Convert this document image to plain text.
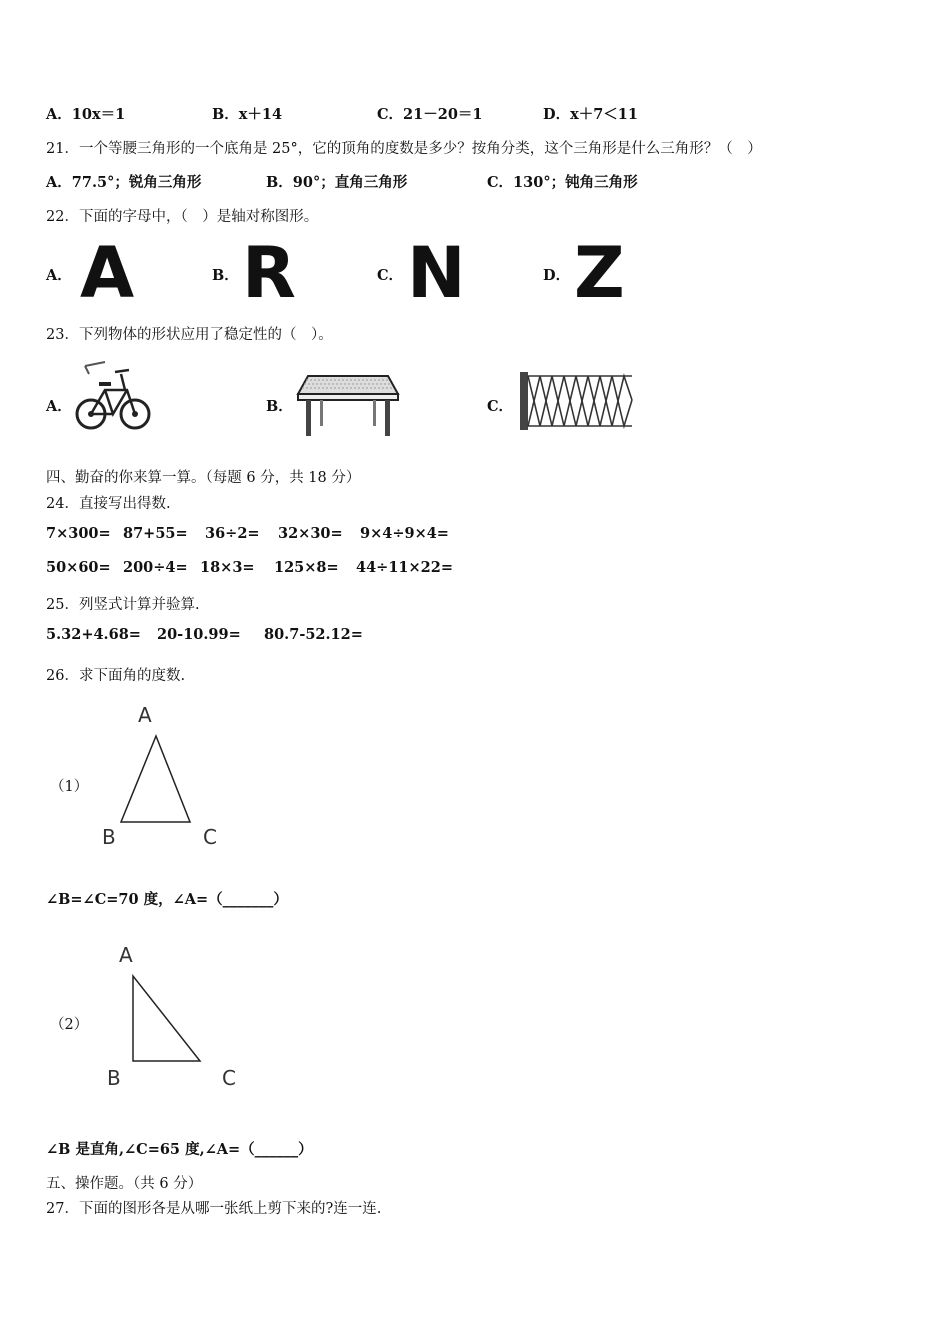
A．10x＝1	B．x＋14	C．21－20＝1	D．x＋7＜11
21．一个等腰三角形的一个底角是 25°，它的顶角的度数是多少？按角分类，这个三角形是什么三角形？（　）
A．77.5°；锐角三角形	B．90°；直角三角形	C．130°；钝角三角形
22．下面的字母中，（　）是轴对称图形。
A． A	B． R	C． N	D． Z
23．下列物体的形状应用了稳定性的（　）。
A．	B．	C．
四、勤奋的你来算一算。（每题 6 分，共 18 分）
24．直接写出得数.
7×300= 87+55= 36÷2= 32×30= 9×4÷9×4=
50×60= 200÷4= 18×3= 125×8= 44÷11×22=
25．列竖式计算并验算.
5.32+4.68= 20-10.99= 80.7-52.12=
26．求下面角的度数.
（1）
A
B	C
∠B=∠C=70 度，∠A=（_______）
（2）
A
B	C
∠B 是直角,∠C=65 度,∠A=（______）
五、操作题。（共 6 分）
27．下面的图形各是从哪一张纸上剪下来的?连一连.
